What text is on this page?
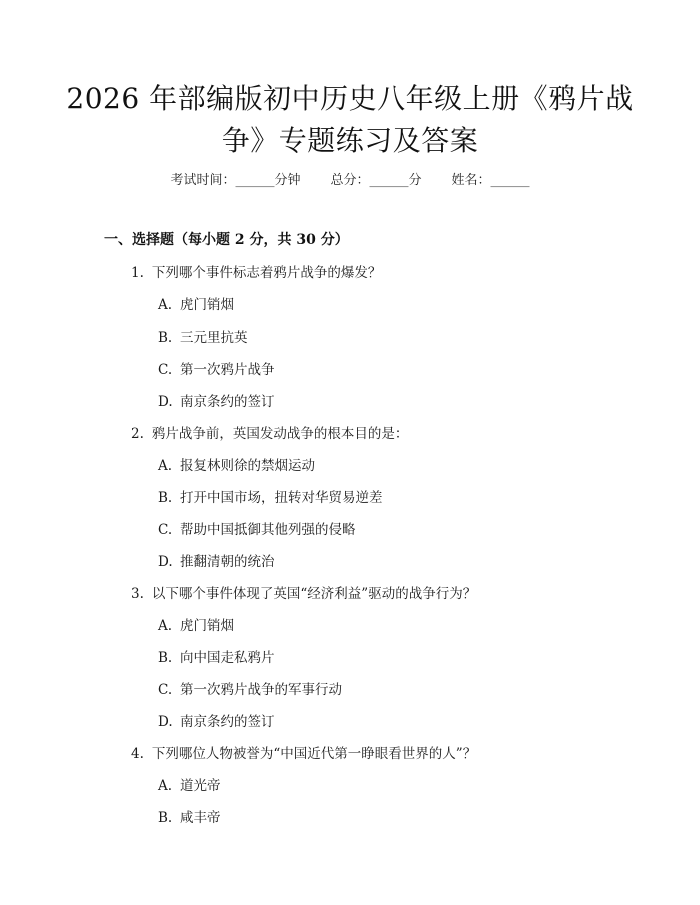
2026 年部编版初中历史八年级上册《鸦片战
争》专题练习及答案
考试时间：______分钟 总分：______分 姓名：______
一、选择题（每小题 2 分，共 30 分）
1. 下列哪个事件标志着鸦片战争的爆发？
A. 虎门销烟
B. 三元里抗英
C. 第一次鸦片战争
D. 南京条约的签订
2. 鸦片战争前，英国发动战争的根本目的是：
A. 报复林则徐的禁烟运动
B. 打开中国市场，扭转对华贸易逆差
C. 帮助中国抵御其他列强的侵略
D. 推翻清朝的统治
3. 以下哪个事件体现了英国“经济利益”驱动的战争行为？
A. 虎门销烟
B. 向中国走私鸦片
C. 第一次鸦片战争的军事行动
D. 南京条约的签订
4. 下列哪位人物被誉为“中国近代第一睁眼看世界的人”？
A. 道光帝
B. 咸丰帝
